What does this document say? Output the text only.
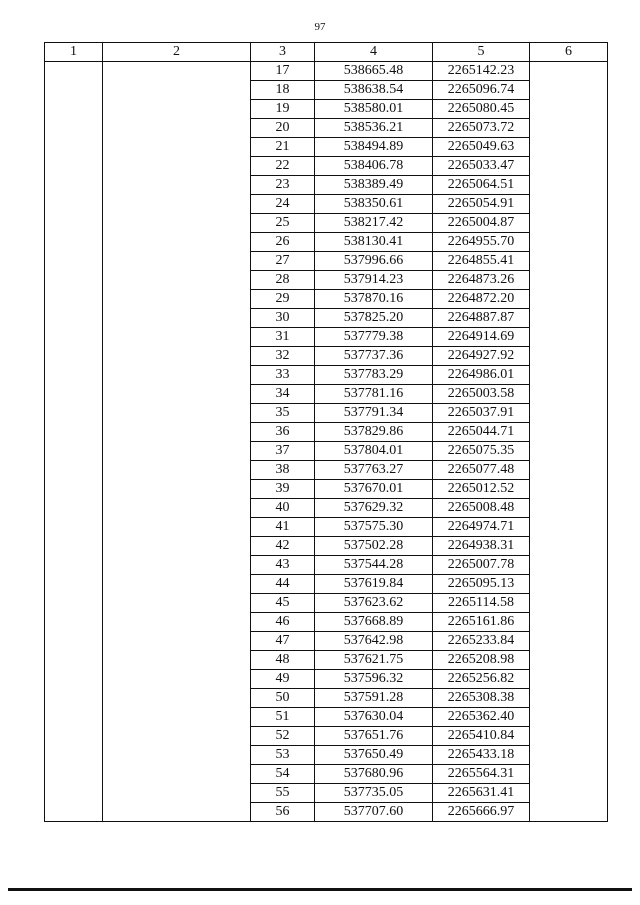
97
1	2	3	4	5	6
		17	538665.48	2265142.23	
		18	538638.54	2265096.74	
		19	538580.01	2265080.45	
		20	538536.21	2265073.72	
		21	538494.89	2265049.63	
		22	538406.78	2265033.47	
		23	538389.49	2265064.51	
		24	538350.61	2265054.91	
		25	538217.42	2265004.87	
		26	538130.41	2264955.70	
		27	537996.66	2264855.41	
		28	537914.23	2264873.26	
		29	537870.16	2264872.20	
		30	537825.20	2264887.87	
		31	537779.38	2264914.69	
		32	537737.36	2264927.92	
		33	537783.29	2264986.01	
		34	537781.16	2265003.58	
		35	537791.34	2265037.91	
		36	537829.86	2265044.71	
		37	537804.01	2265075.35	
		38	537763.27	2265077.48	
		39	537670.01	2265012.52	
		40	537629.32	2265008.48	
		41	537575.30	2264974.71	
		42	537502.28	2264938.31	
		43	537544.28	2265007.78	
		44	537619.84	2265095.13	
		45	537623.62	2265114.58	
		46	537668.89	2265161.86	
		47	537642.98	2265233.84	
		48	537621.75	2265208.98	
		49	537596.32	2265256.82	
		50	537591.28	2265308.38	
		51	537630.04	2265362.40	
		52	537651.76	2265410.84	
		53	537650.49	2265433.18	
		54	537680.96	2265564.31	
		55	537735.05	2265631.41	
		56	537707.60	2265666.97	
